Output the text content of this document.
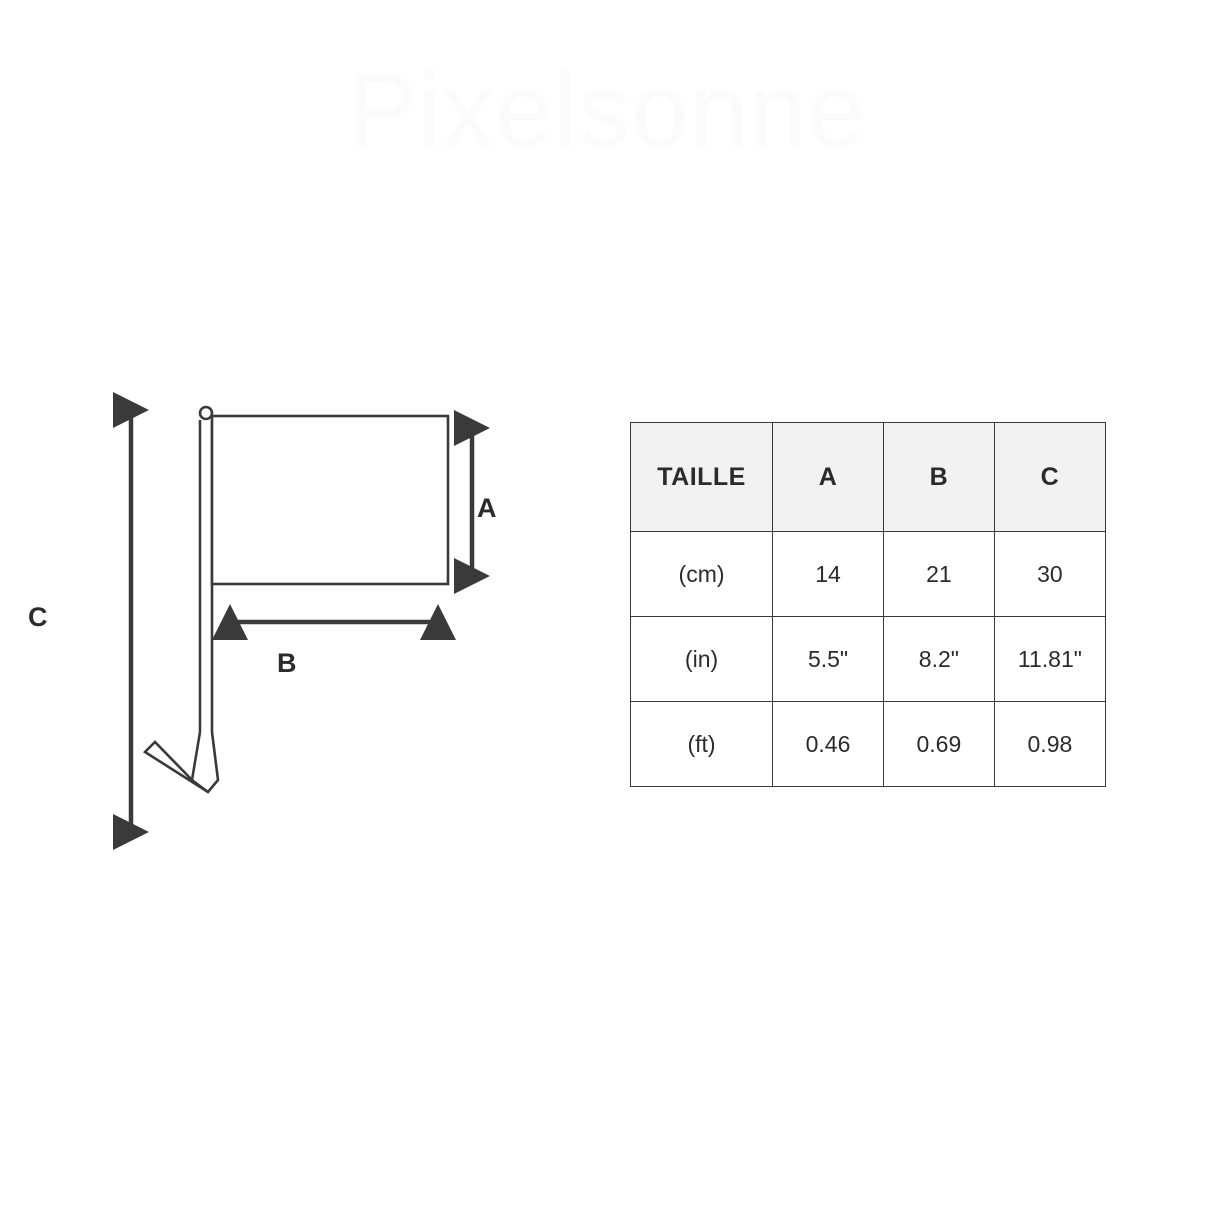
Pixelsonne
A
B
C
TAILLE	A	B	C
(cm)	14	21	30
(in)	5.5"	8.2"	11.81"
(ft)	0.46	0.69	0.98
